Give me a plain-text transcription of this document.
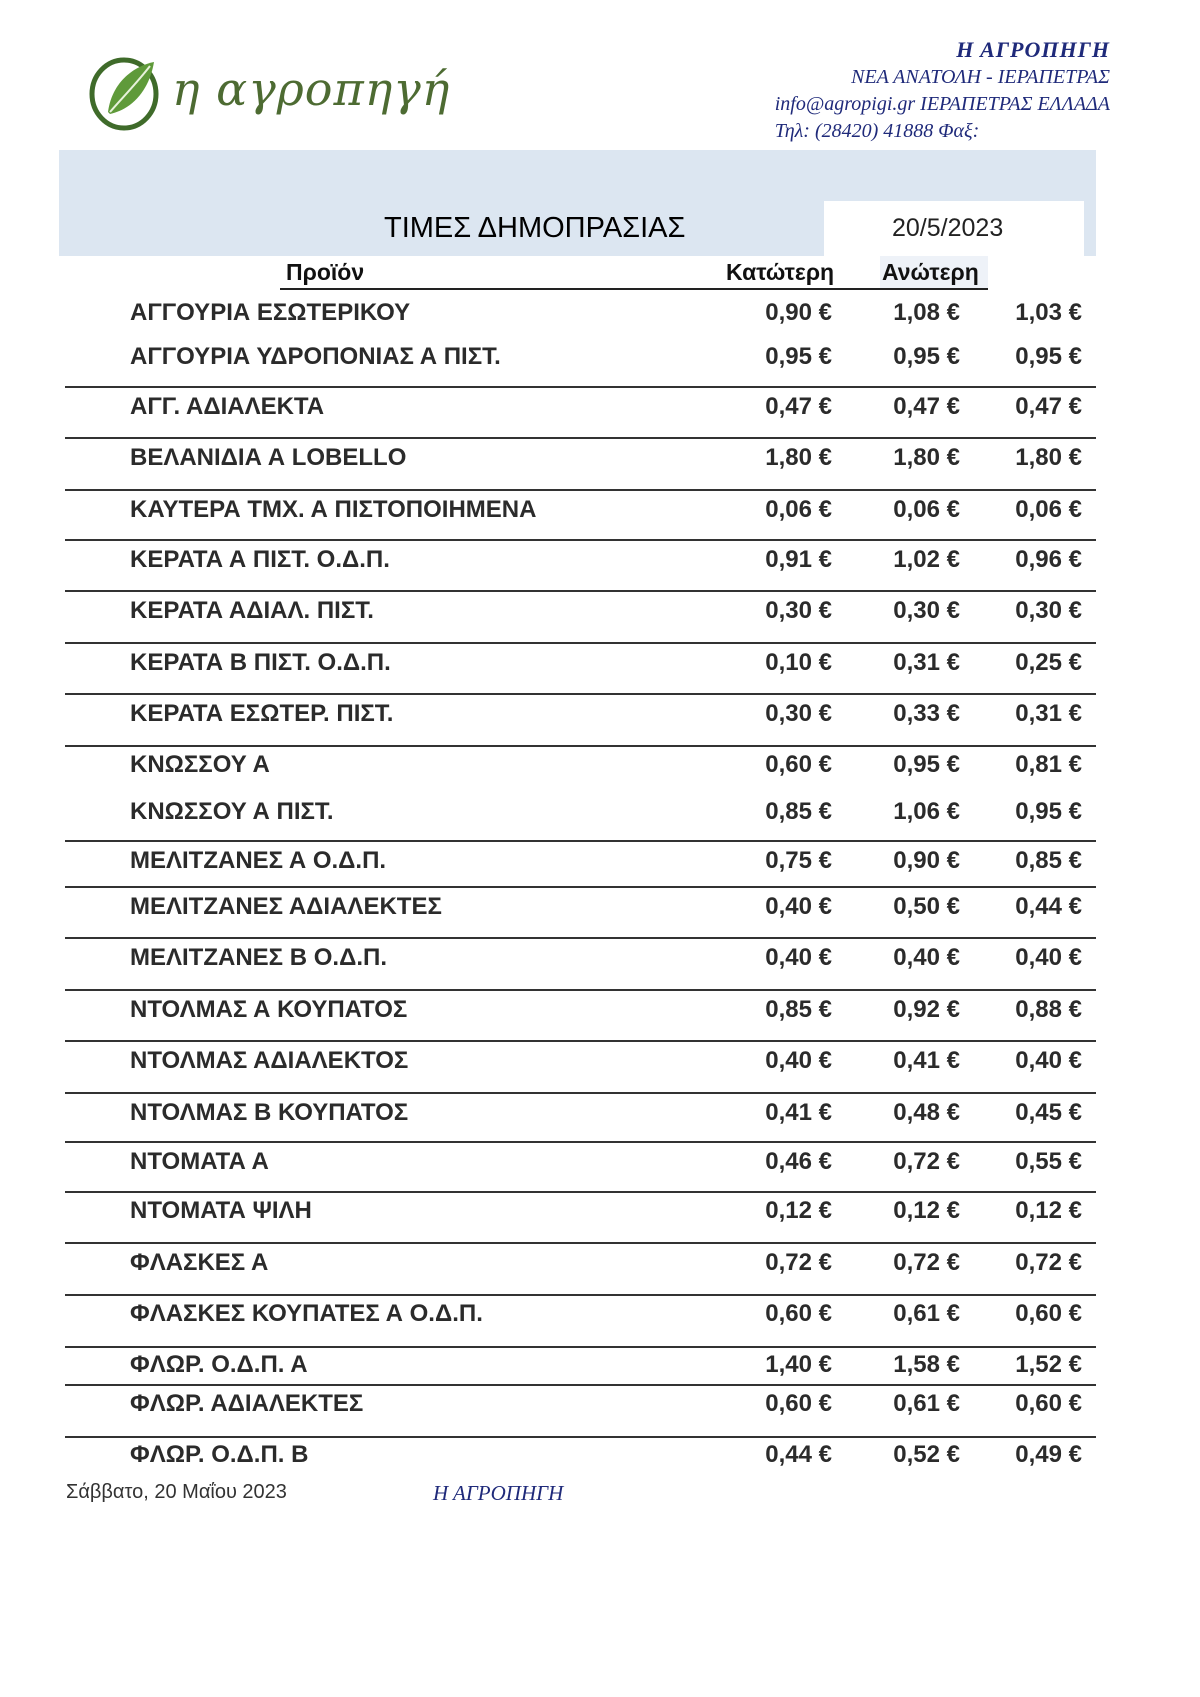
η αγροπηγή
Η ΑΓΡΟΠΗΓΗ
ΝΕΑ ΑΝΑΤΟΛΗ - ΙΕΡΑΠΕΤΡΑΣ
info@agropigi.gr ΙΕΡΑΠΕΤΡΑΣ ΕΛΛΑΔΑ
Τηλ: (28420) 41888 Φαξ:
ΤΙΜΕΣ ΔΗΜΟΠΡΑΣΙΑΣ	20/5/2023
Προϊόν	Κατώτερη Ανώτερη
ΑΓΓΟΥΡΙΑ ΕΣΩΤΕΡΙΚΟΥ	0,90 €	1,08 € 1,03 €
ΑΓΓΟΥΡΙΑ ΥΔΡΟΠΟΝΙΑΣ Α ΠΙΣΤ.	0,95 €	0,95 € 0,95 €
ΑΓΓ. ΑΔΙΑΛΕΚΤΑ	0,47 €	0,47 € 0,47 €
ΒΕΛΑΝΙΔΙΑ Α LOBELLO	1,80 €	1,80 € 1,80 €
ΚΑΥΤΕΡΑ ΤΜΧ. Α ΠΙΣΤΟΠΟΙΗΜΕΝΑ	0,06 €	0,06 € 0,06 €
ΚΕΡΑΤΑ Α ΠΙΣΤ. Ο.Δ.Π.	0,91 €	1,02 € 0,96 €
ΚΕΡΑΤΑ ΑΔΙΑΛ. ΠΙΣΤ.	0,30 €	0,30 € 0,30 €
ΚΕΡΑΤΑ Β ΠΙΣΤ. Ο.Δ.Π.	0,10 €	0,31 € 0,25 €
ΚΕΡΑΤΑ ΕΣΩΤΕΡ. ΠΙΣΤ.	0,30 €	0,33 € 0,31 €
ΚΝΩΣΣΟΥ Α	0,60 €	0,95 € 0,81 €
ΚΝΩΣΣΟΥ Α ΠΙΣΤ.	0,85 €	1,06 € 0,95 €
ΜΕΛΙΤΖΑΝΕΣ Α Ο.Δ.Π.	0,75 €	0,90 € 0,85 €
ΜΕΛΙΤΖΑΝΕΣ ΑΔΙΑΛΕΚΤΕΣ	0,40 €	0,50 € 0,44 €
ΜΕΛΙΤΖΑΝΕΣ Β Ο.Δ.Π.	0,40 €	0,40 € 0,40 €
ΝΤΟΛΜΑΣ Α ΚΟΥΠΑΤΟΣ	0,85 €	0,92 € 0,88 €
ΝΤΟΛΜΑΣ ΑΔΙΑΛΕΚΤΟΣ	0,40 €	0,41 € 0,40 €
ΝΤΟΛΜΑΣ Β ΚΟΥΠΑΤΟΣ	0,41 €	0,48 € 0,45 €
ΝΤΟΜΑΤΑ Α	0,46 €	0,72 € 0,55 €
ΝΤΟΜΑΤΑ ΨΙΛΗ	0,12 €	0,12 € 0,12 €
ΦΛΑΣΚΕΣ Α	0,72 €	0,72 € 0,72 €
ΦΛΑΣΚΕΣ ΚΟΥΠΑΤΕΣ Α Ο.Δ.Π.	0,60 €	0,61 € 0,60 €
ΦΛΩΡ. Ο.Δ.Π. Α	1,40 €	1,58 € 1,52 €
ΦΛΩΡ. ΑΔΙΑΛΕΚΤΕΣ	0,60 €	0,61 € 0,60 €
ΦΛΩΡ. Ο.Δ.Π. Β	0,44 €	0,52 € 0,49 €
Σάββατο, 20 Μαΐου 2023	Η ΑΓΡΟΠΗΓΗ
